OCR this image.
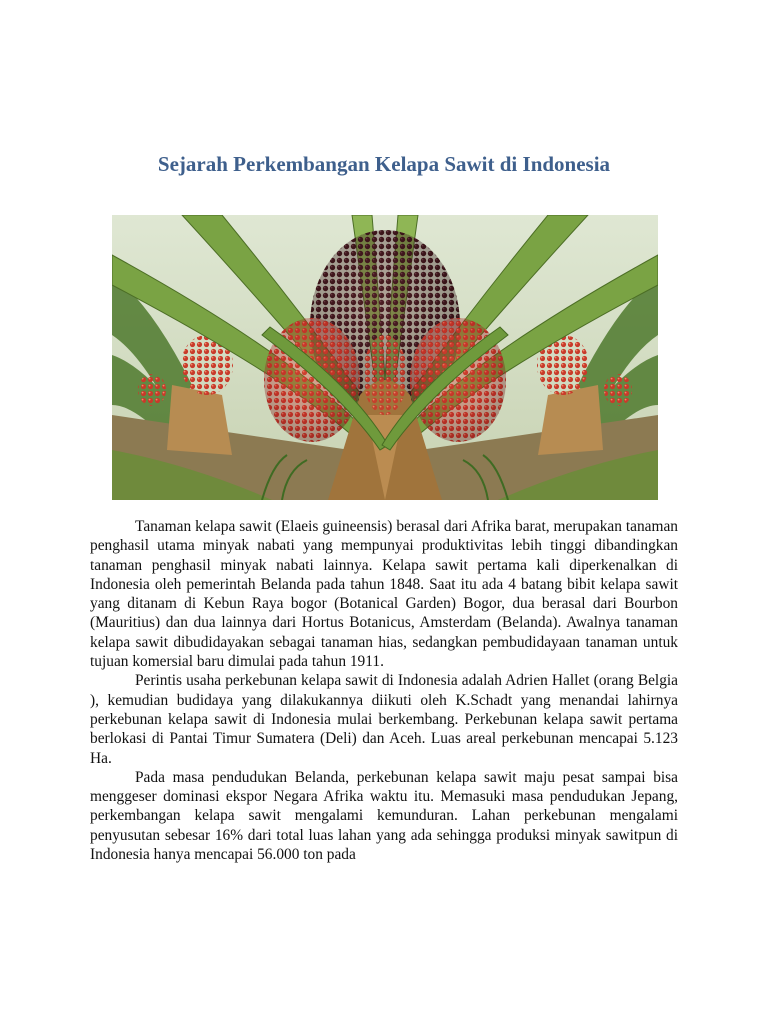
Sejarah Perkembangan Kelapa Sawit di Indonesia

Tanaman kelapa sawit (Elaeis guineensis) berasal dari Afrika barat, merupakan tanaman penghasil utama minyak nabati yang mempunyai produktivitas lebih tinggi dibandingkan tanaman penghasil minyak nabati lainnya. Kelapa sawit pertama kali diperkenalkan di Indonesia oleh pemerintah Belanda pada tahun 1848. Saat itu ada 4 batang bibit kelapa sawit yang ditanam di Kebun Raya bogor (Botanical Garden) Bogor, dua berasal dari Bourbon (Mauritius) dan dua lainnya dari Hortus Botanicus, Amsterdam (Belanda). Awalnya tanaman kelapa sawit dibudidayakan sebagai tanaman hias, sedangkan pembudidayaan tanaman untuk tujuan komersial baru dimulai pada tahun 1911.

Perintis usaha perkebunan kelapa sawit di Indonesia adalah Adrien Hallet (orang Belgia ), kemudian budidaya yang dilakukannya diikuti oleh K.Schadt yang menandai lahirnya perkebunan kelapa sawit di Indonesia mulai berkembang. Perkebunan kelapa sawit pertama berlokasi di Pantai Timur Sumatera (Deli) dan Aceh. Luas areal perkebunan mencapai 5.123 Ha.

Pada masa pendudukan Belanda, perkebunan kelapa sawit maju pesat sampai bisa menggeser dominasi ekspor Negara Afrika waktu itu. Memasuki masa pendudukan Jepang, perkembangan kelapa sawit mengalami kemunduran. Lahan perkebunan mengalami penyusutan sebesar 16% dari total luas lahan yang ada sehingga produksi minyak sawitpun di Indonesia hanya mencapai 56.000 ton pada
